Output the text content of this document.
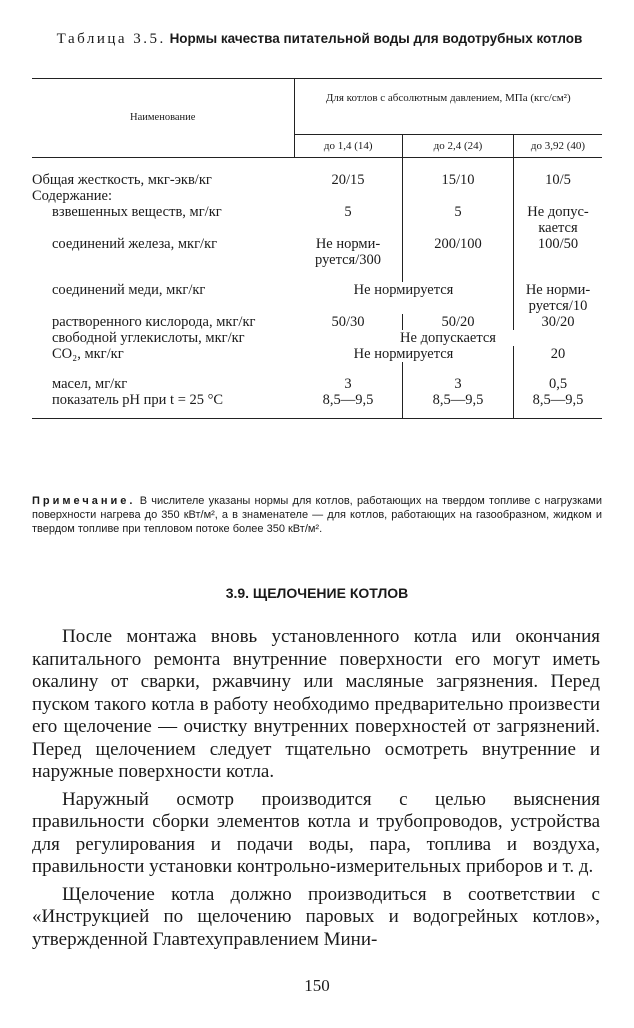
Таблица 3.5. Нормы качества питательной воды для водотрубных котлов
Наименование	Для котлов с абсолютным давлением, МПа (кгс/см²)		
	до 1,4 (14)	до 2,4 (24)	до 3,92 (40)

Общая жесткость, мкг-экв/кг	20/15	15/10	10/5
Содержание:			
взвешенных веществ, мг/кг	5	5	Не допус-кается
соединений железа, мкг/кг	Не норми-руется/300	200/100	100/50

соединений меди, мкг/кг	Не нормируется		Не норми-руется/10
растворенного кислорода, мкг/кг	50/30	50/20	30/20
свободной углекислоты, мкг/кг	Не допускается		
CO₂, мкг/кг	Не нормируется		20

масел, мг/кг	3	3	0,5
показатель pH при t = 25 °C	8,5—9,5	8,5—9,5	8,5—9,5

Примечание. В числителе указаны нормы для котлов, работающих на твердом топливе с нагрузками поверхности нагрева до 350 кВт/м², а в знаменателе — для котлов, работающих на газообразном, жидком и твердом топливе при тепловом потоке более 350 кВт/м².
3.9. ЩЕЛОЧЕНИЕ КОТЛОВ

После монтажа вновь установленного котла или окончания капитального ремонта внутренние поверхности его могут иметь окалину от сварки, ржавчину или масляные загрязнения. Перед пуском такого котла в работу необходимо предварительно произвести его щелочение — очистку внутренних поверхностей от загрязнений. Перед щелочением следует тщательно осмотреть внутренние и наружные поверхности котла.

Наружный осмотр производится с целью выяснения правильности сборки элементов котла и трубопроводов, устройства для регулирования и подачи воды, пара, топлива и воздуха, правильности установки контрольно-измерительных приборов и т. д.

Щелочение котла должно производиться в соответствии с «Инструкцией по щелочению паровых и водогрейных котлов», утвержденной Главтехуправлением Мини-

150
